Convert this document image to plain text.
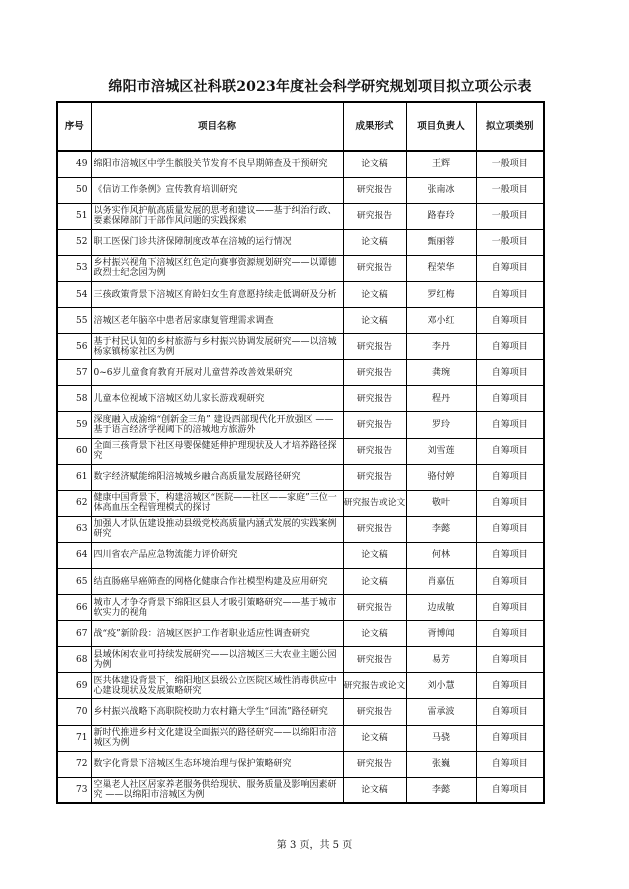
绵阳市涪城区社科联2023年度社会科学研究规划项目拟立项公示表
序号	项目名称	成果形式	项目负责人	拟立项类别
49	绵阳市涪城区中学生髌股关节发育不良早期筛查及干预研究	论文稿	王辉	一般项目
50	《信访工作条例》宣传教育培训研究	研究报告	张南冰	一般项目
51	以务实作风护航高质量发展的思考和建议——基于纠治行政、要素保障部门干部作风问题的实践探索	研究报告	路春玲	一般项目
52	职工医保门诊共济保障制度改革在涪城的运行情况	论文稿	甄丽蓉	一般项目
53	乡村振兴视角下涪城区红色定向赛事资源规划研究——以谭德政烈士纪念园为例	研究报告	程荣华	自筹项目
54	三孩政策背景下涪城区育龄妇女生育意愿持续走低调研及分析	论文稿	罗红梅	自筹项目
55	涪城区老年脑卒中患者居家康复管理需求调查	论文稿	邓小红	自筹项目
56	基于村民认知的乡村旅游与乡村振兴协调发展研究——以涪城杨家镇杨家社区为例	研究报告	李丹	自筹项目
57	0~6岁儿童食育教育开展对儿童营养改善效果研究	研究报告	龚琬	自筹项目
58	儿童本位视域下涪城区幼儿家长游戏观研究	研究报告	程丹	自筹项目
59	深度融入成渝绵“创新金三角” 建设西部现代化开放强区 ——基于语言经济学视阈下的涪城地方旅游外	研究报告	罗玲	自筹项目
60	全面三孩背景下社区母婴保健延伸护理现状及人才培养路径探究	研究报告	刘雪莲	自筹项目
61	数字经济赋能绵阳涪城城乡融合高质量发展路径研究	研究报告	骆付婷	自筹项目
62	健康中国背景下，构建涪城区“医院——社区——家庭”三位一体高血压全程管理模式的探讨	研究报告或论文	敬叶	自筹项目
63	加强人才队伍建设推动县级党校高质量内涵式发展的实践案例研究	研究报告	李懿	自筹项目
64	四川省农产品应急物流能力评价研究	论文稿	何林	自筹项目
65	结直肠癌早癌筛查的网格化健康合作社模型构建及应用研究	论文稿	肖嘉伍	自筹项目
66	城市人才争夺背景下绵阳区县人才吸引策略研究——基于城市软实力的视角	研究报告	边成敏	自筹项目
67	战“疫”新阶段：涪城区医护工作者职业适应性调查研究	论文稿	胥博闻	自筹项目
68	县域休闲农业可持续发展研究——以涪城区三大农业主题公园为例	研究报告	易芳	自筹项目
69	医共体建设背景下，绵阳地区县级公立医院区域性消毒供应中心建设现状及发展策略研究	研究报告或论文	刘小慧	自筹项目
70	乡村振兴战略下高职院校助力农村籍大学生“回流”路径研究	研究报告	雷承波	自筹项目
71	新时代推进乡村文化建设全面振兴的路径研究——以绵阳市涪城区为例	论文稿	马骁	自筹项目
72	数字化背景下涪城区生态环境治理与保护策略研究	研究报告	张巍	自筹项目
73	空巢老人社区居家养老服务供给现状、服务质量及影响因素研究 ——以绵阳市涪城区为例	论文稿	李懿	自筹项目
第 3 页，共 5 页
